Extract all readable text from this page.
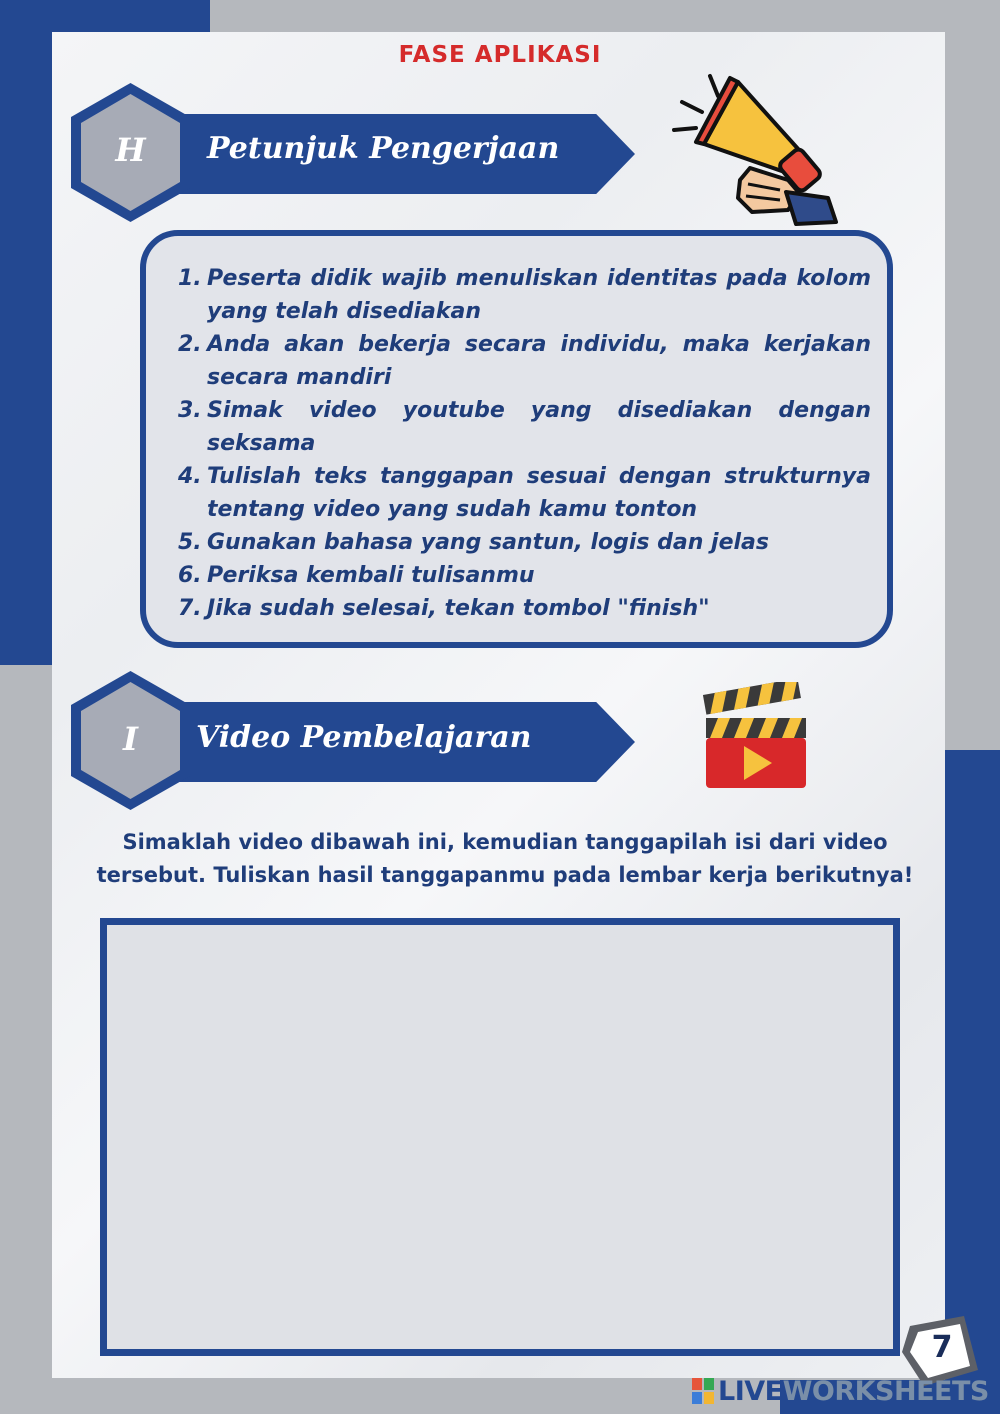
FASE APLIKASI
H	Petunjuk Pengerjaan
1. Peserta didik wajib menuliskan identitas pada kolom yang telah disediakan
2. Anda akan bekerja secara individu, maka kerjakan secara mandiri
3. Simak video youtube yang disediakan dengan seksama
4. Tulislah teks tanggapan sesuai dengan strukturnya tentang video yang sudah kamu tonton
5. Gunakan bahasa yang santun, logis dan jelas
6. Periksa kembali tulisanmu
7. Jika sudah selesai, tekan tombol "finish"
I	Video Pembelajaran
Simaklah video dibawah ini, kemudian tanggapilah isi dari video tersebut. Tuliskan hasil tanggapanmu pada lembar kerja berikutnya!
7
LIVE WORKSHEETS
